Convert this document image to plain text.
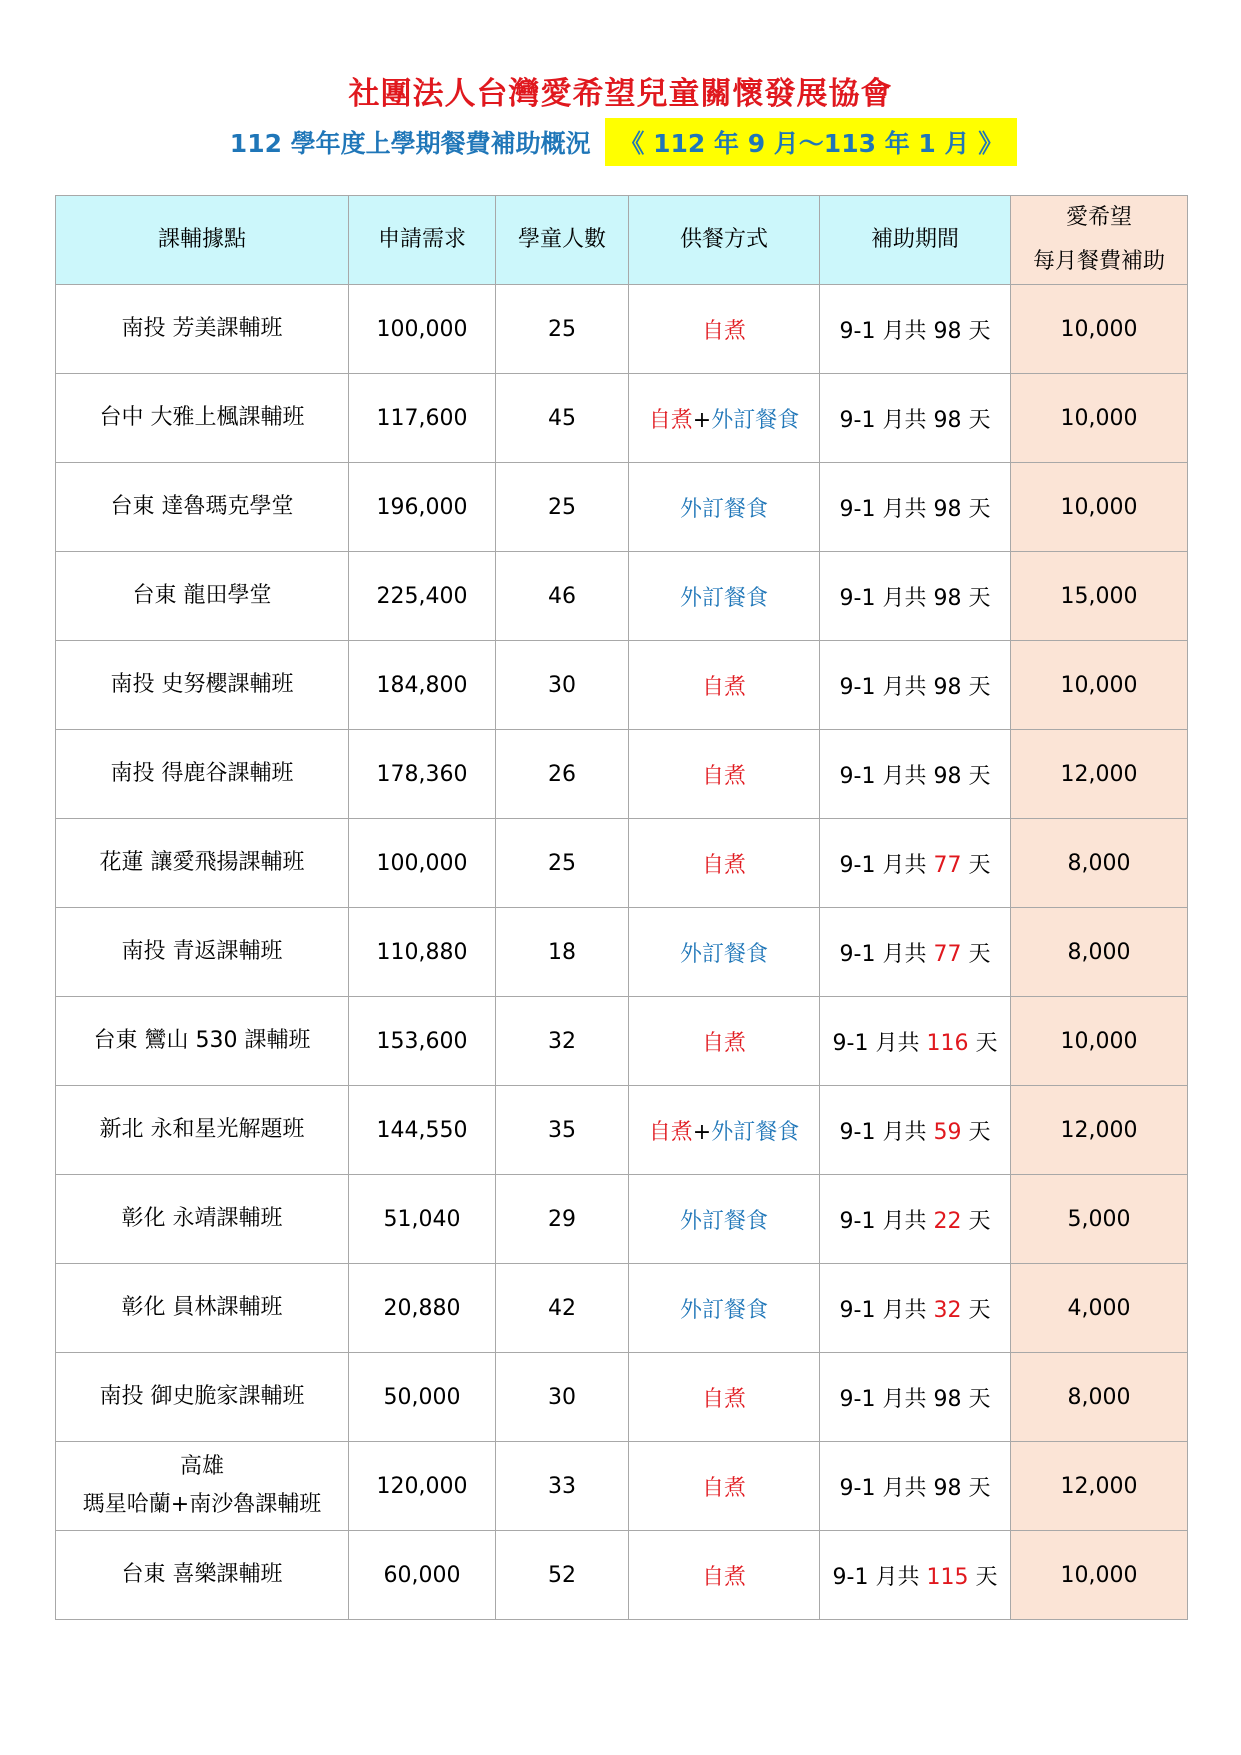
社團法人台灣愛希望兒童關懷發展協會
112 學年度上學期餐費補助概況 《 112 年 9 月～113 年 1 月 》
課輔據點	申請需求	學童人數	供餐方式	補助期間	愛希望
每月餐費補助
南投 芳美課輔班	100,000	25	自煮	9-1 月共 98 天	10,000
台中 大雅上楓課輔班	117,600	45	自煮+外訂餐食	9-1 月共 98 天	10,000
台東 達魯瑪克學堂	196,000	25	外訂餐食	9-1 月共 98 天	10,000
台東 龍田學堂	225,400	46	外訂餐食	9-1 月共 98 天	15,000
南投 史努櫻課輔班	184,800	30	自煮	9-1 月共 98 天	10,000
南投 得鹿谷課輔班	178,360	26	自煮	9-1 月共 98 天	12,000
花蓮 讓愛飛揚課輔班	100,000	25	自煮	9-1 月共 77 天	8,000
南投 青返課輔班	110,880	18	外訂餐食	9-1 月共 77 天	8,000
台東 鸞山 530 課輔班	153,600	32	自煮	9-1 月共 116 天	10,000
新北 永和星光解題班	144,550	35	自煮+外訂餐食	9-1 月共 59 天	12,000
彰化 永靖課輔班	51,040	29	外訂餐食	9-1 月共 22 天	5,000
彰化 員林課輔班	20,880	42	外訂餐食	9-1 月共 32 天	4,000
南投 御史脆家課輔班	50,000	30	自煮	9-1 月共 98 天	8,000
高雄
瑪星哈蘭+南沙魯課輔班	120,000	33	自煮	9-1 月共 98 天	12,000
台東 喜樂課輔班	60,000	52	自煮	9-1 月共 115 天	10,000
